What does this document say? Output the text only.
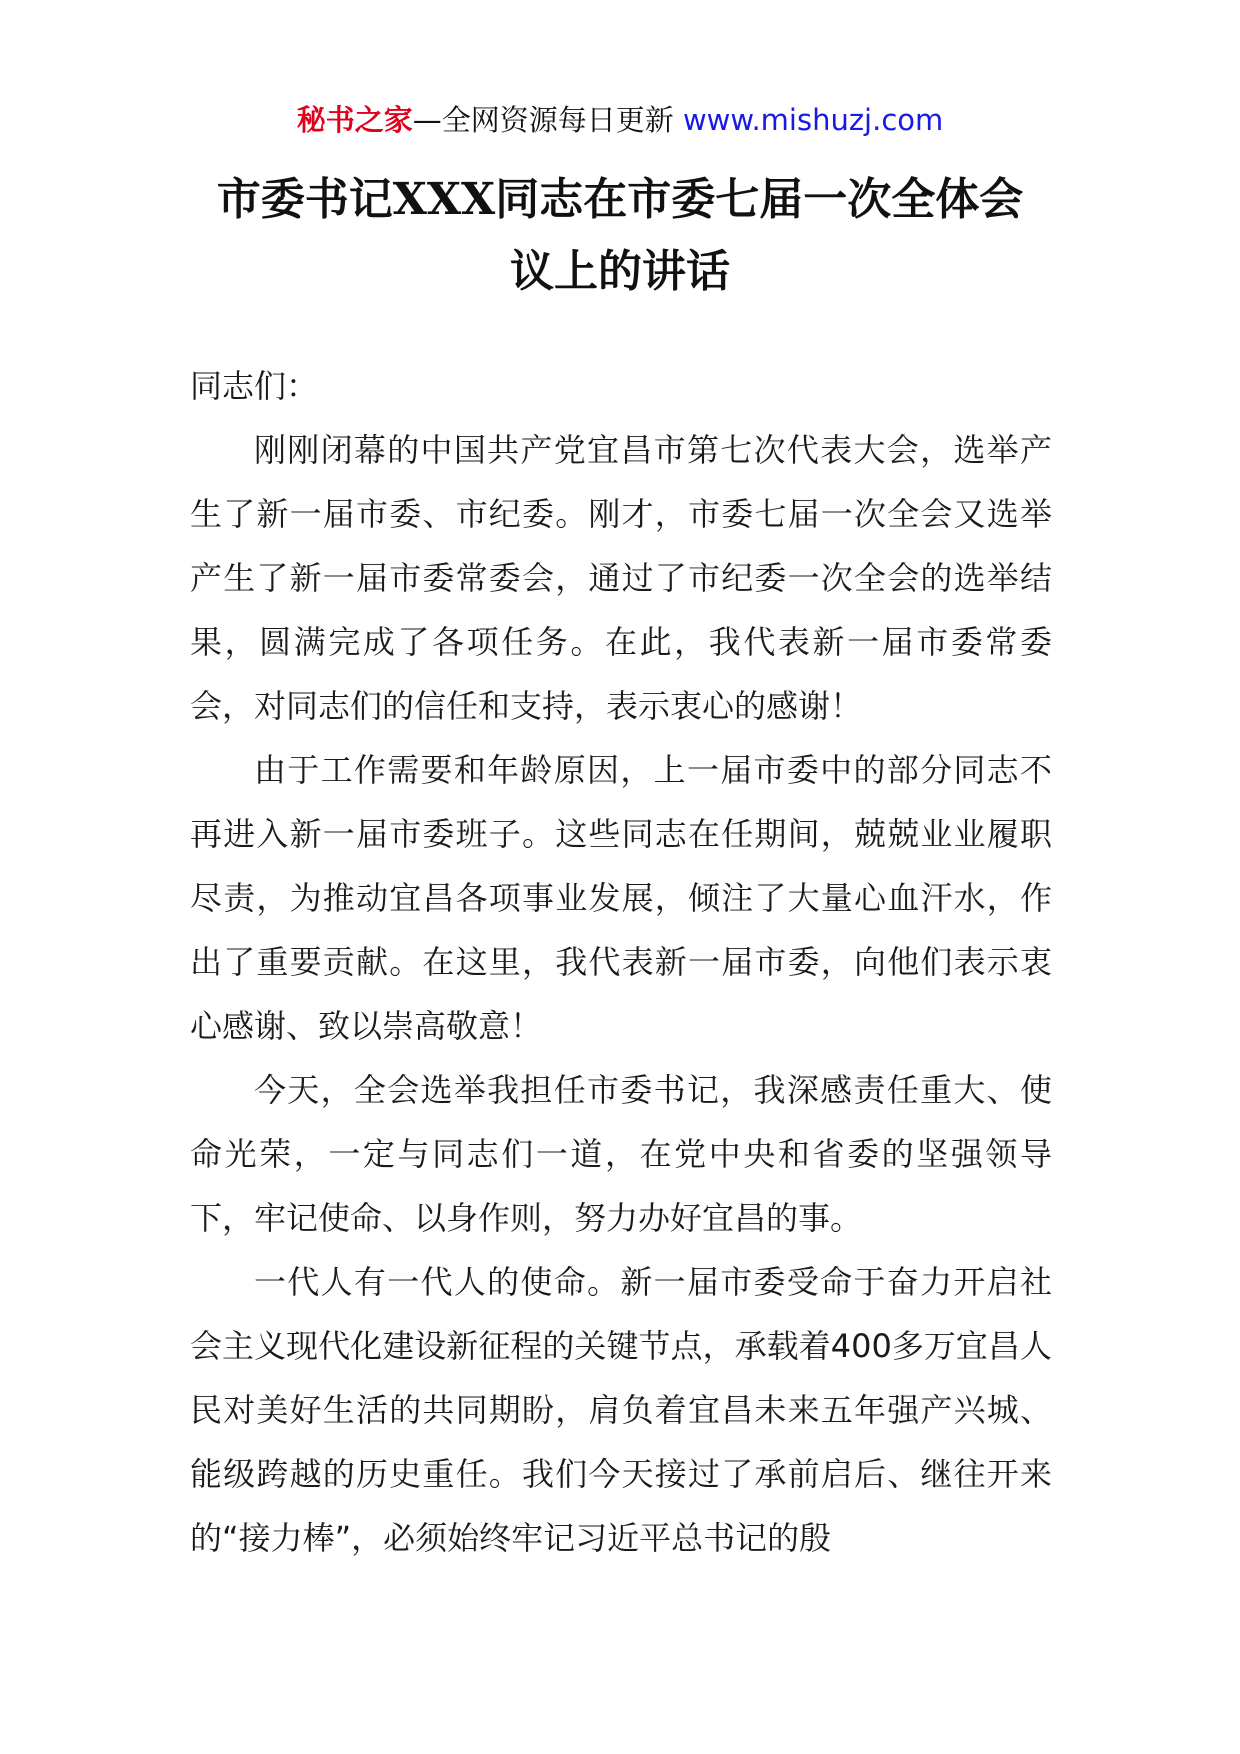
秘书之家—全网资源每日更新 www.mishuzj.com
市委书记XXX同志在市委七届一次全体会
议上的讲话

同志们：

刚刚闭幕的中国共产党宜昌市第七次代表大会，选举产生了新一届市委、市纪委。刚才，市委七届一次全会又选举产生了新一届市委常委会，通过了市纪委一次全会的选举结果，圆满完成了各项任务。在此，我代表新一届市委常委会，对同志们的信任和支持，表示衷心的感谢！

由于工作需要和年龄原因，上一届市委中的部分同志不再进入新一届市委班子。这些同志在任期间，兢兢业业履职尽责，为推动宜昌各项事业发展，倾注了大量心血汗水，作出了重要贡献。在这里，我代表新一届市委，向他们表示衷心感谢、致以崇高敬意！

今天，全会选举我担任市委书记，我深感责任重大、使命光荣，一定与同志们一道，在党中央和省委的坚强领导下，牢记使命、以身作则，努力办好宜昌的事。

一代人有一代人的使命。新一届市委受命于奋力开启社会主义现代化建设新征程的关键节点，承载着400多万宜昌人民对美好生活的共同期盼，肩负着宜昌未来五年强产兴城、能级跨越的历史重任。我们今天接过了承前启后、继往开来的“接力棒”，必须始终牢记习近平总书记的殷
